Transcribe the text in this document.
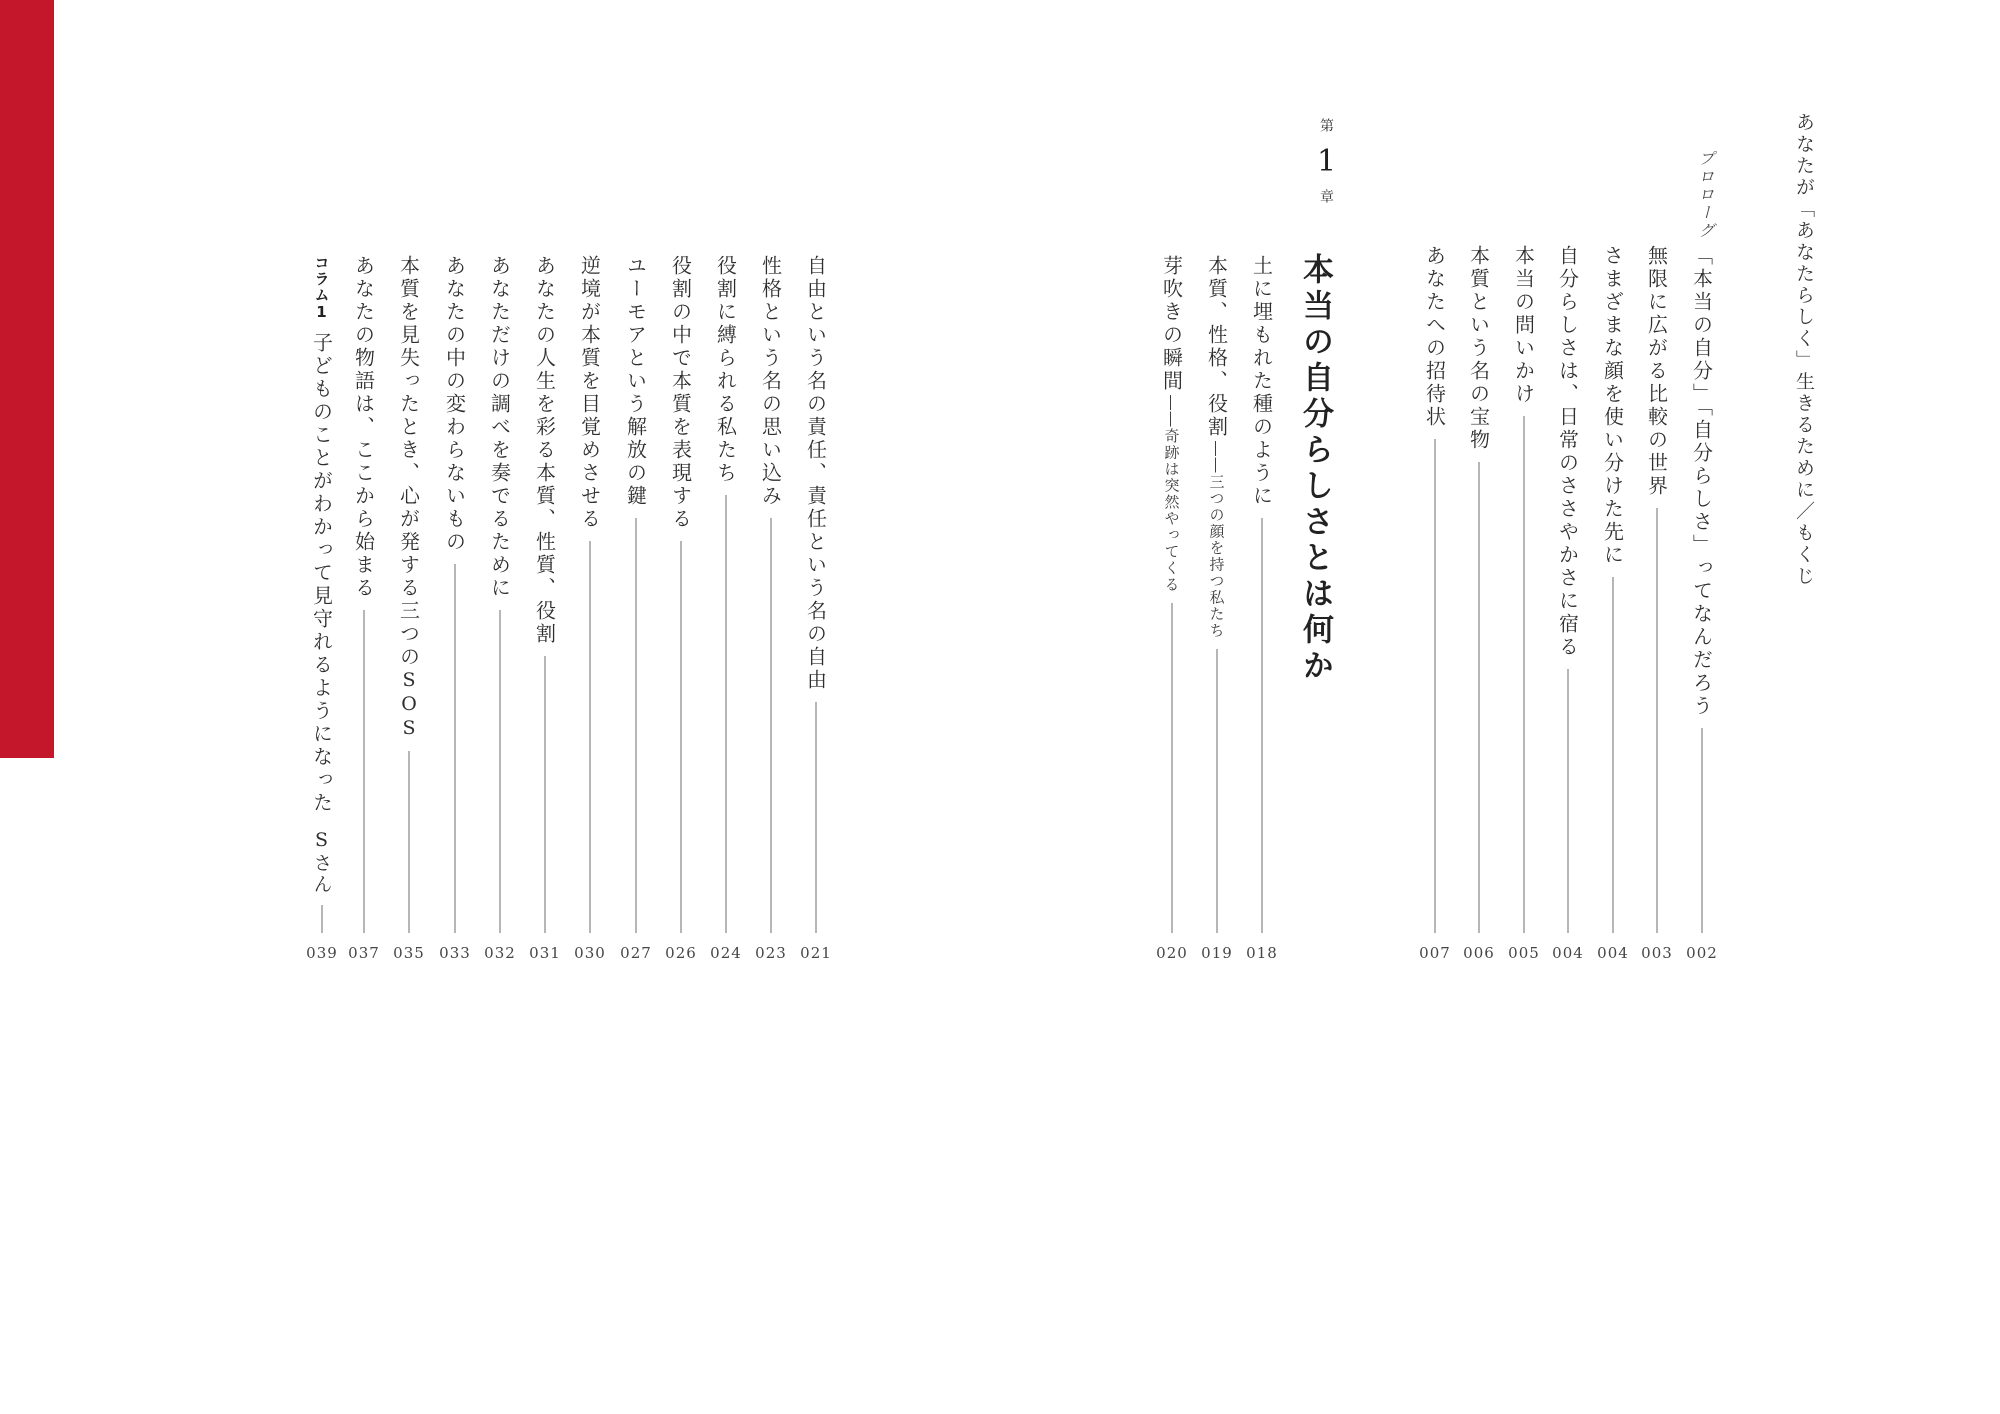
あなたが「あなたらしく」生きるために／もくじ
プロローグ
第 1 章
本当の自分らしさとは何か	「本当の自分」「自分らしさ」ってなんだろう
002
無限に広がる比較の世界
003
さまざまな顔を使い分けた先に
004
自分らしさは、日常のささやかさに宿る
004
本当の問いかけ
005
本質という名の宝物
006
あなたへの招待状
007
土に埋もれた種のように
018
本質、性格、役割
――三つの顔を持つ私たち
019
芽吹きの瞬間
――奇跡は突然やってくる
020
自由という名の責任、責任という名の自由
021
性格という名の思い込み
023
役割に縛られる私たち
024
役割の中で本質を表現する
026
ユーモアという解放の鍵
027
逆境が本質を目覚めさせる
030
あなたの人生を彩る本質、性質、役割
031
あなただけの調べを奏でるために
032
あなたの中の変わらないもの
033
本質を見失ったとき、心が発する三つの
SOS
035
あなたの物語は、ここから始まる
037
コラム1
子どものことがわかって見守れるようになった
Sさん
039
